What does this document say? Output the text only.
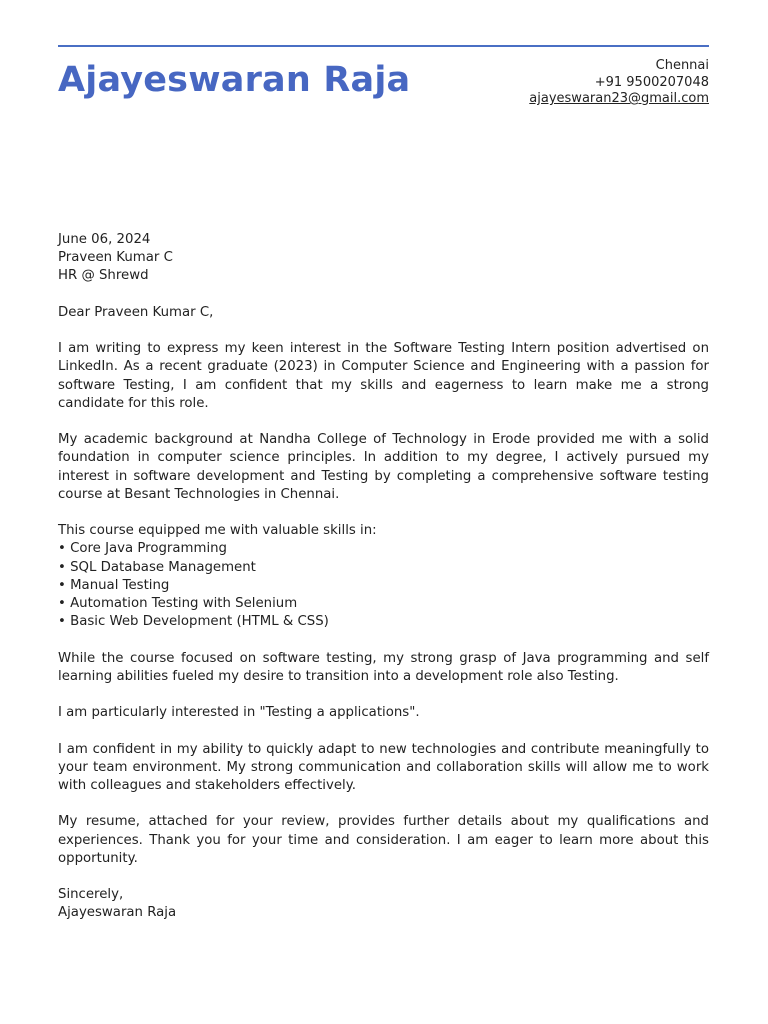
Ajayeswaran Raja	Chennai
+91 9500207048
ajayeswaran23@gmail.com
June 06, 2024
Praveen Kumar C
HR @ Shrewd

Dear Praveen Kumar C,

I am writing to express my keen interest in the Software Testing Intern position advertised on LinkedIn. As a recent graduate (2023) in Computer Science and Engineering with a passion for software Testing, I am confident that my skills and eagerness to learn make me a strong candidate for this role.

My academic background at Nandha College of Technology in Erode provided me with a solid foundation in computer science principles. In addition to my degree, I actively pursued my interest in software development and Testing by completing a comprehensive software testing course at Besant Technologies in Chennai.

This course equipped me with valuable skills in:
• Core Java Programming
• SQL Database Management
• Manual Testing
• Automation Testing with Selenium
• Basic Web Development (HTML & CSS)

While the course focused on software testing, my strong grasp of Java programming and self learning abilities fueled my desire to transition into a development role also Testing.

I am particularly interested in "Testing a applications".

I am confident in my ability to quickly adapt to new technologies and contribute meaningfully to your team environment. My strong communication and collaboration skills will allow me to work with colleagues and stakeholders effectively.

My resume, attached for your review, provides further details about my qualifications and experiences. Thank you for your time and consideration. I am eager to learn more about this opportunity.

Sincerely,
Ajayeswaran Raja
